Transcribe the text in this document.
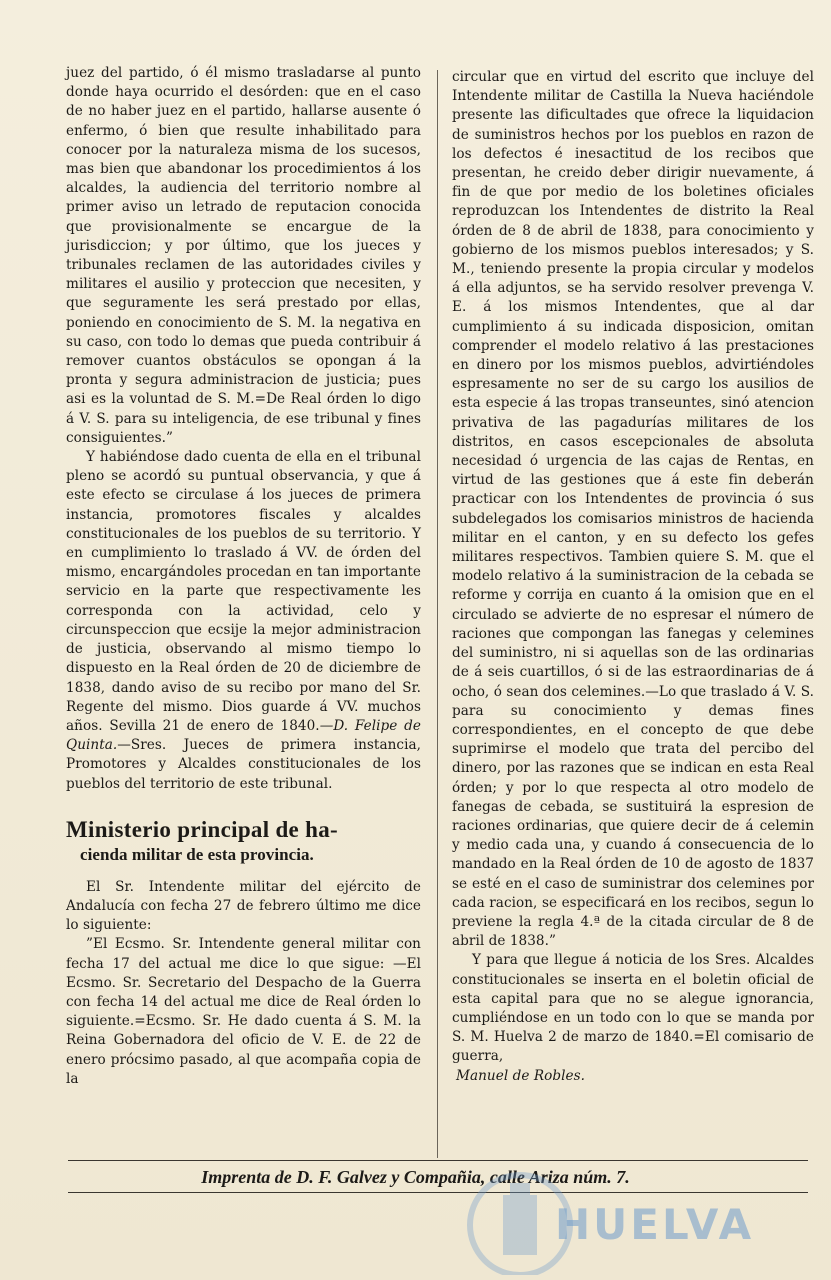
juez del partido, ó él mismo trasladarse al punto donde haya ocurrido el desórden: que en el caso de no haber juez en el partido, hallarse ausente ó enfermo, ó bien que resulte inhabilitado para conocer por la naturaleza misma de los sucesos, mas bien que abandonar los procedimientos á los alcaldes, la audiencia del territorio nombre al primer aviso un letrado de reputacion conocida que provisionalmente se encargue de la jurisdiccion; y por último, que los jueces y tribunales reclamen de las autoridades civiles y militares el ausilio y proteccion que necesiten, y que seguramente les será prestado por ellas, poniendo en conocimiento de S. M. la negativa en su caso, con todo lo demas que pueda contribuir á remover cuantos obstáculos se opongan á la pronta y segura administracion de justicia; pues asi es la voluntad de S. M.=De Real órden lo digo á V. S. para su inteligencia, de ese tribunal y fines consiguientes.”

Y habiéndose dado cuenta de ella en el tribunal pleno se acordó su puntual observancia, y que á este efecto se circulase á los jueces de primera instancia, promotores fiscales y alcaldes constitucionales de los pueblos de su territorio. Y en cumplimiento lo traslado á VV. de órden del mismo, encargándoles procedan en tan importante servicio en la parte que respectivamente les corresponda con la actividad, celo y circunspeccion que ecsije la mejor administracion de justicia, observando al mismo tiempo lo dispuesto en la Real órden de 20 de diciembre de 1838, dando aviso de su recibo por mano del Sr. Regente del mismo. Dios guarde á VV. muchos años. Sevilla 21 de enero de 1840.—D. Felipe de Quinta.—Sres. Jueces de primera instancia, Promotores y Alcaldes constitucionales de los pueblos del territorio de este tribunal.

Ministerio principal de ha-
cienda militar de esta provincia.

El Sr. Intendente militar del ejército de Andalucía con fecha 27 de febrero último me dice lo siguiente:

”El Ecsmo. Sr. Intendente general militar con fecha 17 del actual me dice lo que sigue: —El Ecsmo. Sr. Secretario del Despacho de la Guerra con fecha 14 del actual me dice de Real órden lo siguiente.=Ecsmo. Sr. He dado cuenta á S. M. la Reina Gobernadora del oficio de V. E. de 22 de enero prócsimo pasado, al que acompaña copia de la

circular que en virtud del escrito que incluye del Intendente militar de Castilla la Nueva haciéndole presente las dificultades que ofrece la liquidacion de suministros hechos por los pueblos en razon de los defectos é inesactitud de los recibos que presentan, he creido deber dirigir nuevamente, á fin de que por medio de los boletines oficiales reproduzcan los Intendentes de distrito la Real órden de 8 de abril de 1838, para conocimiento y gobierno de los mismos pueblos interesados; y S. M., teniendo presente la propia circular y modelos á ella adjuntos, se ha servido resolver prevenga V. E. á los mismos Intendentes, que al dar cumplimiento á su indicada disposicion, omitan comprender el modelo relativo á las prestaciones en dinero por los mismos pueblos, advirtiéndoles espresamente no ser de su cargo los ausilios de esta especie á las tropas transeuntes, sinó atencion privativa de las pagadurías militares de los distritos, en casos escepcionales de absoluta necesidad ó urgencia de las cajas de Rentas, en virtud de las gestiones que á este fin deberán practicar con los Intendentes de provincia ó sus subdelegados los comisarios ministros de hacienda militar en el canton, y en su defecto los gefes militares respectivos. Tambien quiere S. M. que el modelo relativo á la suministracion de la cebada se reforme y corrija en cuanto á la omision que en el circulado se advierte de no espresar el número de raciones que compongan las fanegas y celemines del suministro, ni si aquellas son de las ordinarias de á seis cuartillos, ó si de las estraordinarias de á ocho, ó sean dos celemines.—Lo que traslado á V. S. para su conocimiento y demas fines correspondientes, en el concepto de que debe suprimirse el modelo que trata del percibo del dinero, por las razones que se indican en esta Real órden; y por lo que respecta al otro modelo de fanegas de cebada, se sustituirá la espresion de raciones ordinarias, que quiere decir de á celemin y medio cada una, y cuando á consecuencia de lo mandado en la Real órden de 10 de agosto de 1837 se esté en el caso de suministrar dos celemines por cada racion, se especificará en los recibos, segun lo previene la regla 4.ª de la citada circular de 8 de abril de 1838.”

Y para que llegue á noticia de los Sres. Alcaldes constitucionales se inserta en el boletin oficial de esta capital para que no se alegue ignorancia, cumpliéndose en un todo con lo que se manda por S. M. Huelva 2 de marzo de 1840.=El comisario de guerra,

Manuel de Robles.

Imprenta de D. F. Galvez y Compañia, calle Ariza núm. 7.
HUELVA
